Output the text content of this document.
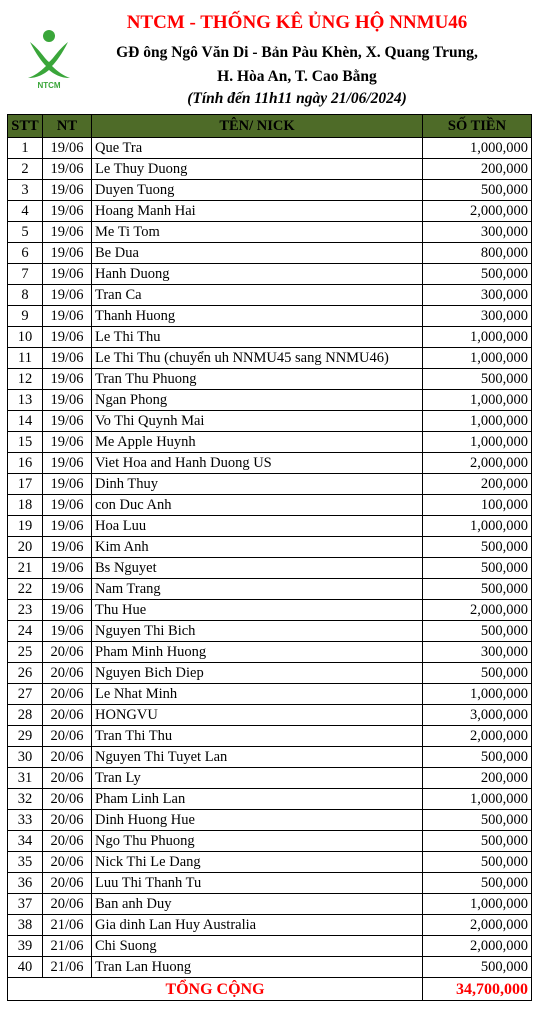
NTCM
NTCM - THỐNG KÊ ỦNG HỘ NNMU46
GĐ ông Ngô Văn Di - Bản Pàu Khèn, X. Quang Trung,
H. Hòa An, T. Cao Bằng
(Tính đến 11h11 ngày 21/06/2024)
STT	NT	TÊN/ NICK	SỐ TIỀN
1	19/06	Que Tra	1,000,000
2	19/06	Le Thuy Duong	200,000
3	19/06	Duyen Tuong	500,000
4	19/06	Hoang Manh Hai	2,000,000
5	19/06	Me Ti Tom	300,000
6	19/06	Be Dua	800,000
7	19/06	Hanh Duong	500,000
8	19/06	Tran Ca	300,000
9	19/06	Thanh Huong	300,000
10	19/06	Le Thi Thu	1,000,000
11	19/06	Le Thi Thu (chuyển uh NNMU45 sang NNMU46)	1,000,000
12	19/06	Tran Thu Phuong	500,000
13	19/06	Ngan Phong	1,000,000
14	19/06	Vo Thi Quynh Mai	1,000,000
15	19/06	Me Apple Huynh	1,000,000
16	19/06	Viet Hoa and Hanh Duong US	2,000,000
17	19/06	Dinh Thuy	200,000
18	19/06	con Duc Anh	100,000
19	19/06	Hoa Luu	1,000,000
20	19/06	Kim Anh	500,000
21	19/06	Bs Nguyet	500,000
22	19/06	Nam Trang	500,000
23	19/06	Thu Hue	2,000,000
24	19/06	Nguyen Thi Bich	500,000
25	20/06	Pham Minh Huong	300,000
26	20/06	Nguyen Bich Diep	500,000
27	20/06	Le Nhat Minh	1,000,000
28	20/06	HONGVU	3,000,000
29	20/06	Tran Thi Thu	2,000,000
30	20/06	Nguyen Thi Tuyet Lan	500,000
31	20/06	Tran Ly	200,000
32	20/06	Pham Linh Lan	1,000,000
33	20/06	Dinh Huong Hue	500,000
34	20/06	Ngo Thu Phuong	500,000
35	20/06	Nick Thi Le Dang	500,000
36	20/06	Luu Thi Thanh Tu	500,000
37	20/06	Ban anh Duy	1,000,000
38	21/06	Gia dinh Lan Huy Australia	2,000,000
39	21/06	Chi Suong	2,000,000
40	21/06	Tran Lan Huong	500,000
TỔNG CỘNG			34,700,000
